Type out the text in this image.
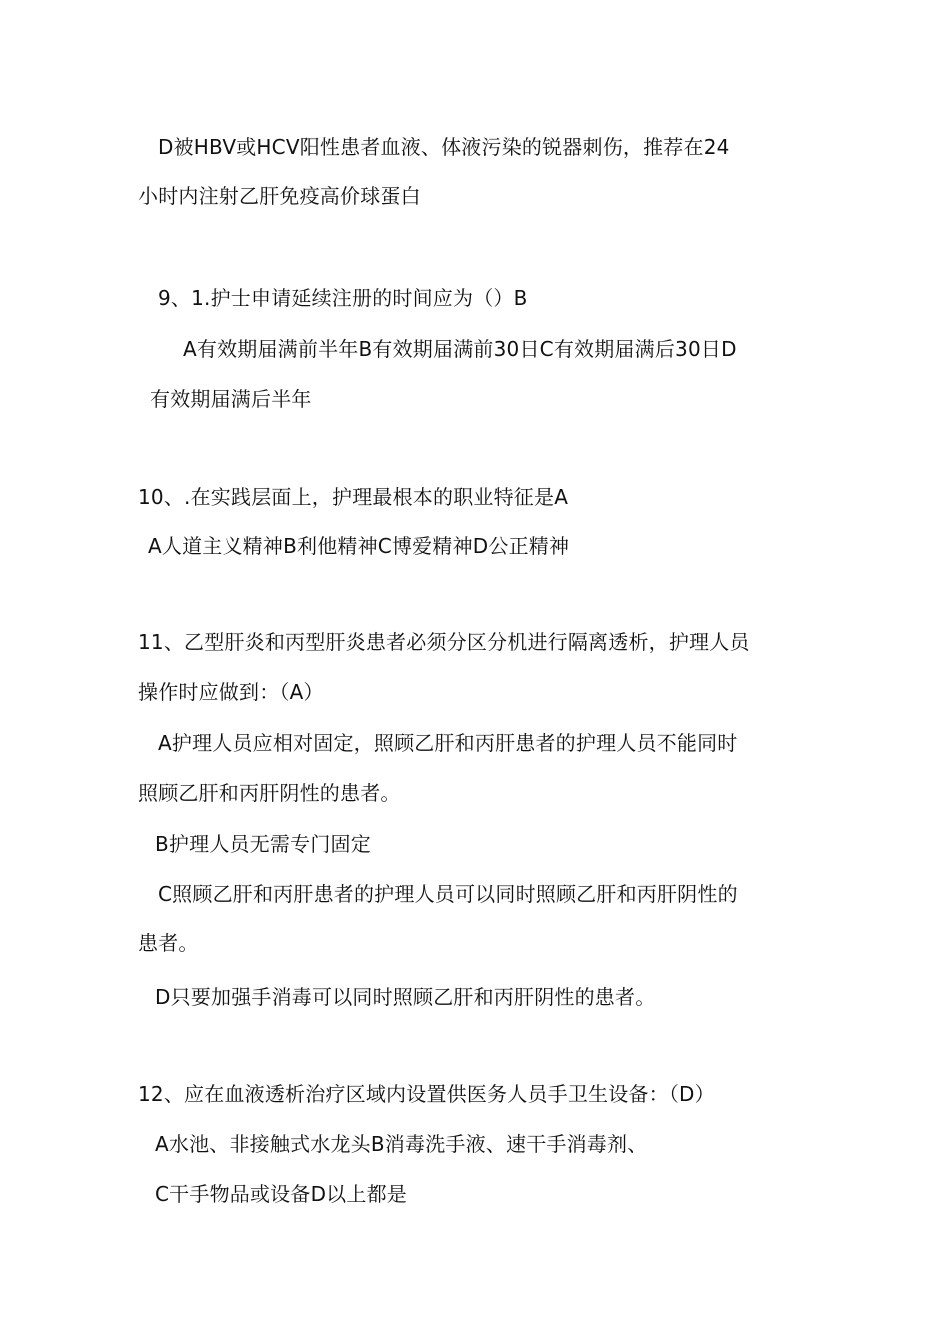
D被HBV或HCV阳性患者血液、体液污染的锐器刺伤，推荐在24
小时内注射乙肝免疫高价球蛋白
9、1.护士申请延续注册的时间应为（）B
A有效期届满前半年B有效期届满前30日C有效期届满后30日D
有效期届满后半年
10、.在实践层面上，护理最根本的职业特征是A
A人道主义精神B利他精神C博爱精神D公正精神
11、乙型肝炎和丙型肝炎患者必须分区分机进行隔离透析，护理人员
操作时应做到：（A）
A护理人员应相对固定，照顾乙肝和丙肝患者的护理人员不能同时
照顾乙肝和丙肝阴性的患者。
B护理人员无需专门固定
C照顾乙肝和丙肝患者的护理人员可以同时照顾乙肝和丙肝阴性的
患者。
D只要加强手消毒可以同时照顾乙肝和丙肝阴性的患者。
12、应在血液透析治疗区域内设置供医务人员手卫生设备：（D）
A水池、非接触式水龙头B消毒洗手液、速干手消毒剂、
C干手物品或设备D以上都是
